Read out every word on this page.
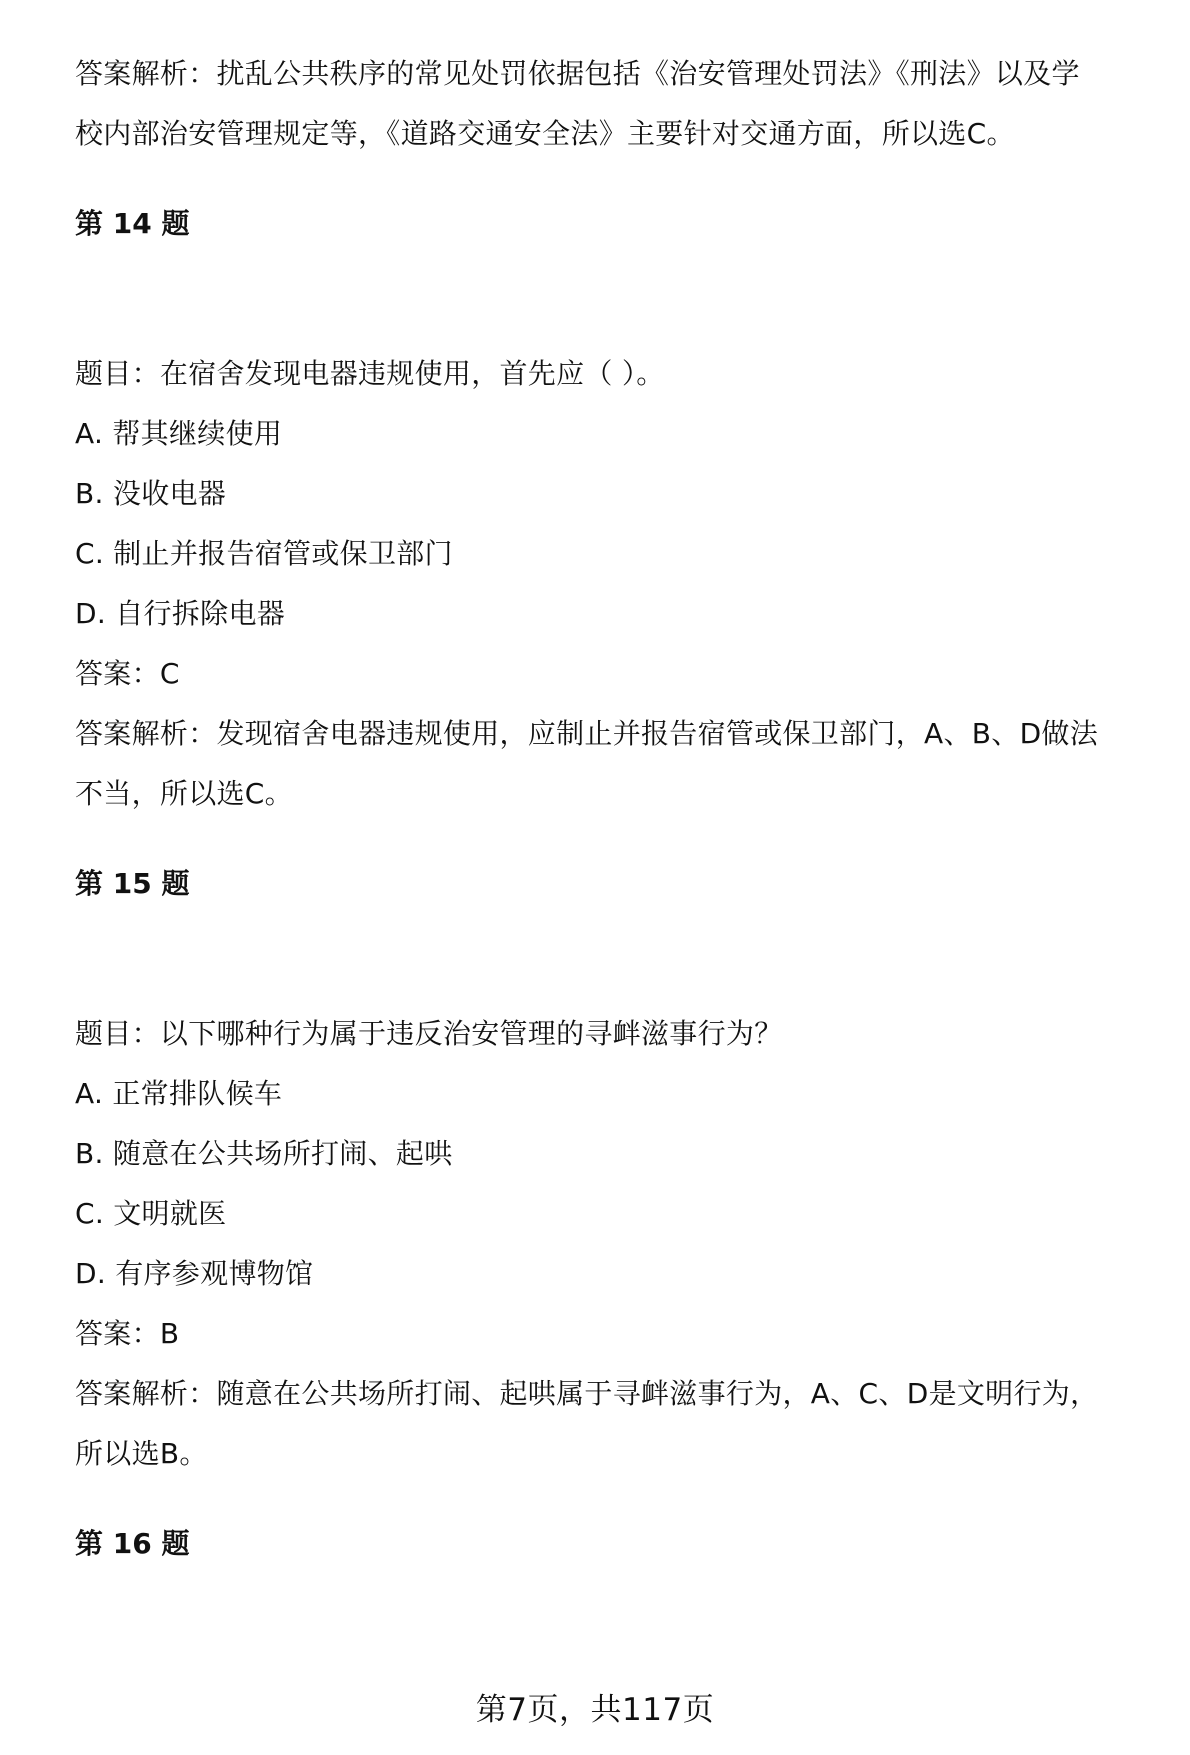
答案解析：扰乱公共秩序的常见处罚依据包括《治安管理处罚法》《刑法》以及学
校内部治安管理规定等，《道路交通安全法》主要针对交通方面，所以选C。
第 14 题
题目：在宿舍发现电器违规使用，首先应（ ）。
A. 帮其继续使用
B. 没收电器
C. 制止并报告宿管或保卫部门
D. 自行拆除电器
答案：C
答案解析：发现宿舍电器违规使用，应制止并报告宿管或保卫部门，A、B、D做法
不当，所以选C。
第 15 题
题目：以下哪种行为属于违反治安管理的寻衅滋事行为？
A. 正常排队候车
B. 随意在公共场所打闹、起哄
C. 文明就医
D. 有序参观博物馆
答案：B
答案解析：随意在公共场所打闹、起哄属于寻衅滋事行为，A、C、D是文明行为，
所以选B。
第 16 题
第7页，共117页
